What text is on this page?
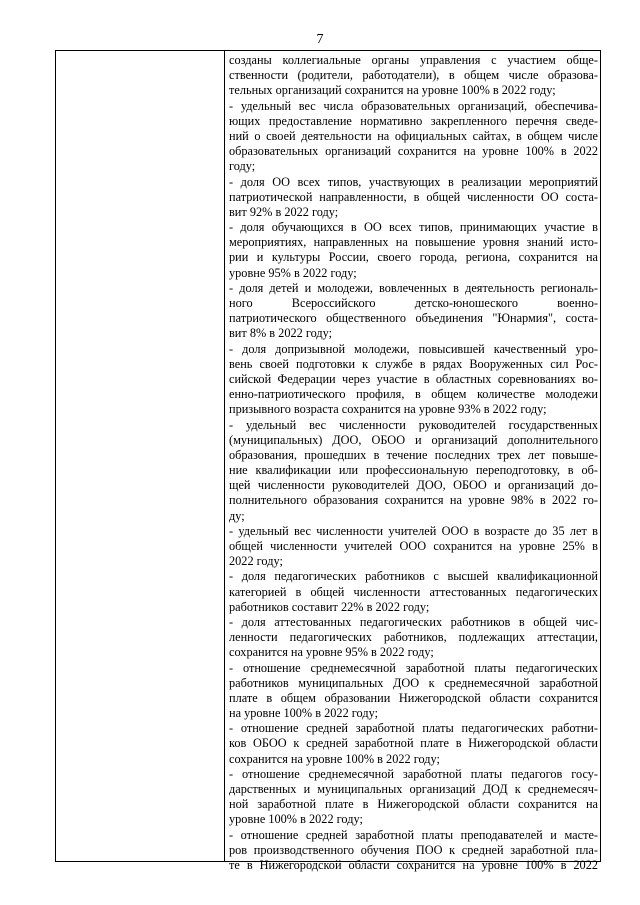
7
созданы коллегиальные органы управления с участием обще-
ственности (родители, работодатели), в общем числе образова-
тельных организаций сохранится на уровне 100% в 2022 году;
- удельный вес числа образовательных организаций, обеспечива-
ющих предоставление нормативно закрепленного перечня сведе-
ний о своей деятельности на официальных сайтах, в общем числе
образовательных организаций сохранится на уровне 100% в 2022
году;
- доля ОО всех типов, участвующих в реализации мероприятий
патриотической направленности, в общей численности ОО соста-
вит 92% в 2022 году;
- доля обучающихся в ОО всех типов, принимающих участие в
мероприятиях, направленных на повышение уровня знаний исто-
рии и культуры России, своего города, региона, сохранится на
уровне 95% в 2022 году;
- доля детей и молодежи, вовлеченных в деятельность региональ-
ного Всероссийского детско-юношеского военно-
патриотического общественного объединения "Юнармия", соста-
вит 8% в 2022 году;
- доля допризывной молодежи, повысившей качественный уро-
вень своей подготовки к службе в рядах Вооруженных сил Рос-
сийской Федерации через участие в областных соревнованиях во-
енно-патриотического профиля, в общем количестве молодежи
призывного возраста сохранится на уровне 93% в 2022 году;
- удельный вес численности руководителей государственных
(муниципальных) ДОО, ОБОО и организаций дополнительного
образования, прошедших в течение последних трех лет повыше-
ние квалификации или профессиональную переподготовку, в об-
щей численности руководителей ДОО, ОБОО и организаций до-
полнительного образования сохранится на уровне 98% в 2022 го-
ду;
- удельный вес численности учителей ООО в возрасте до 35 лет в
общей численности учителей ООО сохранится на уровне 25% в
2022 году;
- доля педагогических работников с высшей квалификационной
категорией в общей численности аттестованных педагогических
работников составит 22% в 2022 году;
- доля аттестованных педагогических работников в общей чис-
ленности педагогических работников, подлежащих аттестации,
сохранится на уровне 95% в 2022 году;
- отношение среднемесячной заработной платы педагогических
работников муниципальных ДОО к среднемесячной заработной
плате в общем образовании Нижегородской области сохранится
на уровне 100% в 2022 году;
- отношение средней заработной платы педагогических работни-
ков ОБОО к средней заработной плате в Нижегородской области
сохранится на уровне 100% в 2022 году;
- отношение среднемесячной заработной платы педагогов госу-
дарственных и муниципальных организаций ДОД к среднемесяч-
ной заработной плате в Нижегородской области сохранится на
уровне 100% в 2022 году;
- отношение средней заработной платы преподавателей и масте-
ров производственного обучения ПОО к средней заработной пла-
те в Нижегородской области сохранится на уровне 100% в 2022
